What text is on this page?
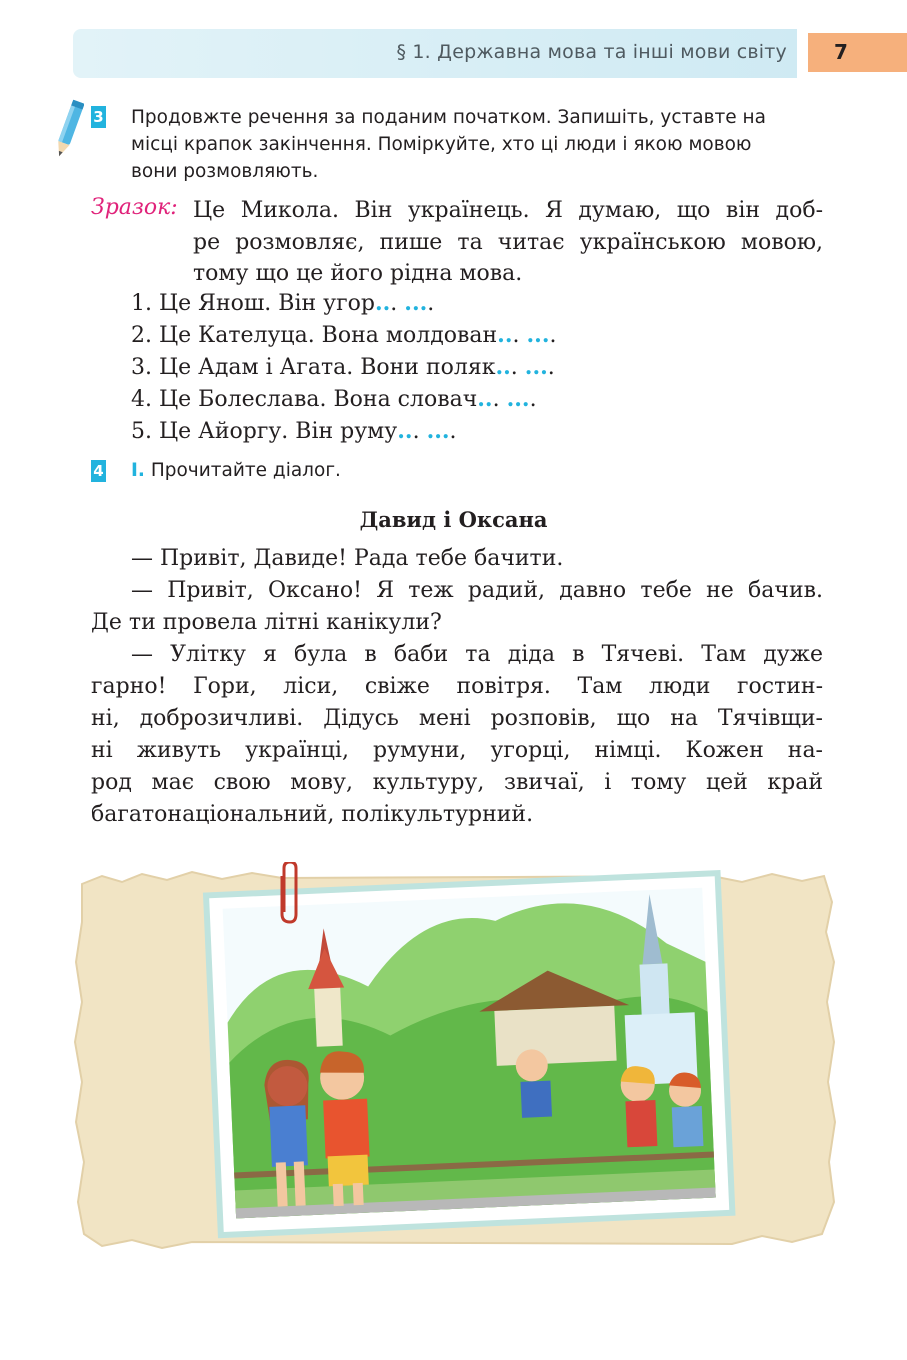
§ 1. Державна мова та інші мови світу	7
3 Продовжте речення за поданим початком. Запишіть, уставте на
місці крапок закінчення. Поміркуйте, хто ці люди і якою мовою
вони розмовляють.
Зразок: Це Микола. Він українець. Я думаю, що він доб-
ре розмовляє, пише та читає українською мовою,
тому що це його рідна мова.
1. Це Янош. Він угор... ....
2. Це Кателуца. Вона молдован... ....
3. Це Адам і Агата. Вони поляк... ....
4. Це Болеслава. Вона словач... ....
5. Це Айоргу. Він руму... ....
4 I. Прочитайте діалог.
Давид і Оксана
— Привіт, Давиде! Рада тебе бачити.
— Привіт, Оксано! Я теж радий, давно тебе не бачив.
Де ти провела літні канікули?
— Улітку я була в баби та діда в Тячеві. Там дуже
гарно! Гори, ліси, свіже повітря. Там люди гостин-
ні, доброзичливі. Дідусь мені розповів, що на Тячівщи-
ні живуть українці, румуни, угорці, німці. Кожен на-
род має свою мову, культуру, звичаї, і тому цей край
багатонаціональний, полікультурний.
